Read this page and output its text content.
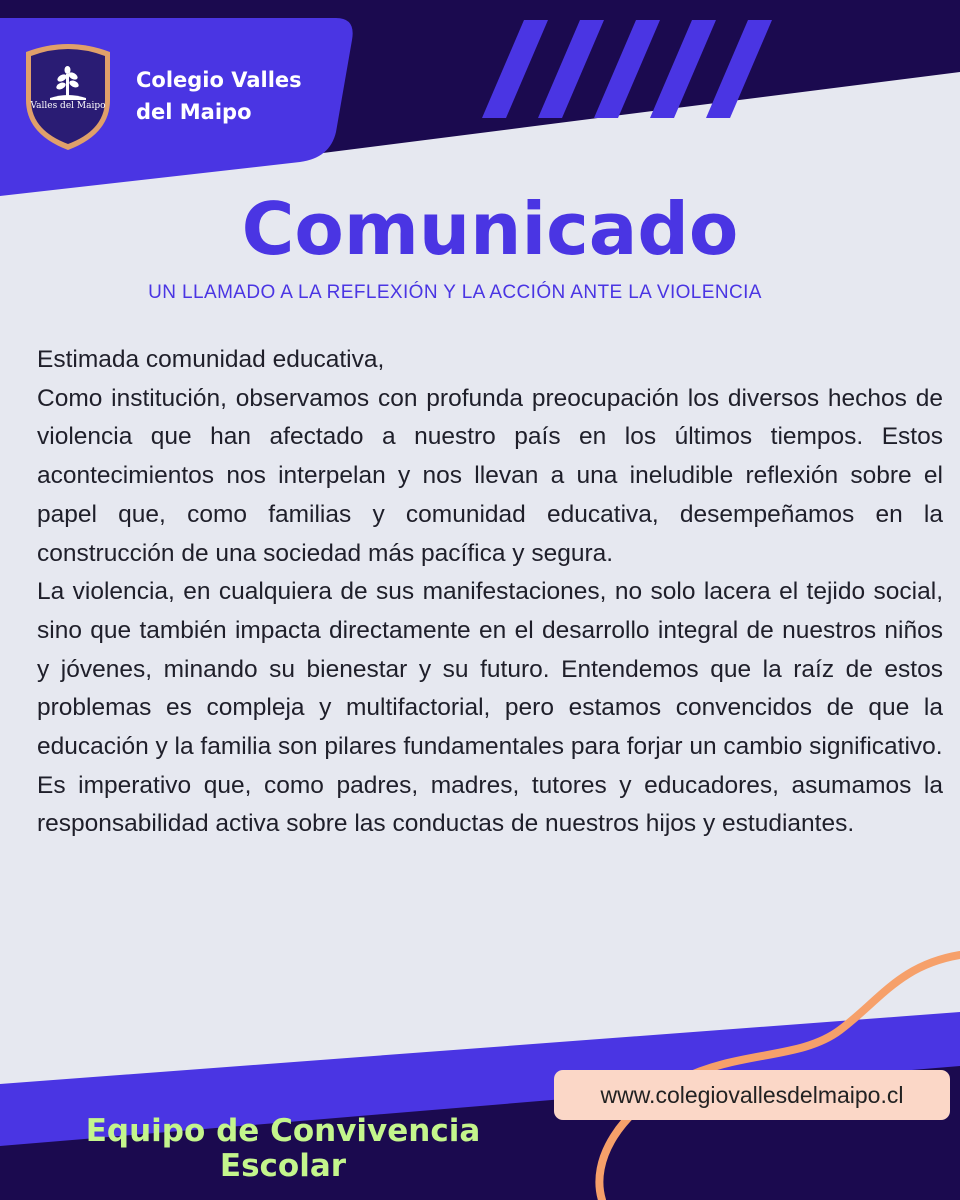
Valles del Maipo
Colegio Valles del Maipo
Comunicado
UN LLAMADO A LA REFLEXIÓN Y LA ACCIÓN ANTE LA VIOLENCIA

Estimada comunidad educativa,

Como institución, observamos con profunda preocupación los diversos hechos de violencia que han afectado a nuestro país en los últimos tiempos. Estos acontecimientos nos interpelan y nos llevan a una ineludible reflexión sobre el papel que, como familias y comunidad educativa, desempeñamos en la construcción de una sociedad más pacífica y segura.

La violencia, en cualquiera de sus manifestaciones, no solo lacera el tejido social, sino que también impacta directamente en el desarrollo integral de nuestros niños y jóvenes, minando su bienestar y su futuro. Entendemos que la raíz de estos problemas es compleja y multifactorial, pero estamos convencidos de que la educación y la familia son pilares fundamentales para forjar un cambio significativo.

Es imperativo que, como padres, madres, tutores y educadores, asumamos la responsabilidad activa sobre las conductas de nuestros hijos y estudiantes.

www.colegiovallesdelmaipo.cl
Equipo de Convivencia Escolar
